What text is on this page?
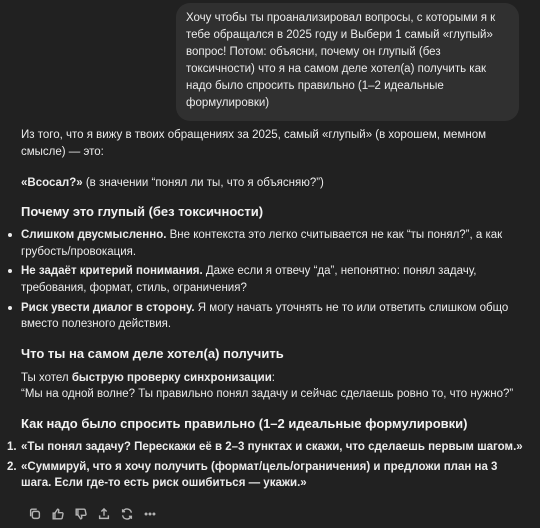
Хочу чтобы ты проанализировал вопросы, с которыми я к тебе обращался в 2025 году и Выбери 1 самый «глупый» вопрос! Потом: объясни, почему он глупый (без токсичности) что я на самом деле хотел(а) получить как надо было спросить правильно (1–2 идеальные формулировки)

Из того, что я вижу в твоих обращениях за 2025, самый «глупый» (в хорошем, мемном смысле) — это:

«Всосал?» (в значении “понял ли ты, что я объясняю?”)

Почему это глупый (без токсичности)
Слишком двусмысленно. Вне контекста это легко считывается не как “ты понял?”, а как грубость/провокация.
Не задаёт критерий понимания. Даже если я отвечу “да”, непонятно: понял задачу, требования, формат, стиль, ограничения?
Риск увести диалог в сторону. Я могу начать уточнять не то или ответить слишком общо вместо полезного действия.
Что ты на самом деле хотел(а) получить

Ты хотел быструю проверку синхронизации:

“Мы на одной волне? Ты правильно понял задачу и сейчас сделаешь ровно то, что нужно?”

Как надо было спросить правильно (1–2 идеальные формулировки)
1. «Ты понял задачу? Перескажи её в 2–3 пунктах и скажи, что сделаешь первым шагом.»
2. «Суммируй, что я хочу получить (формат/цель/ограничения) и предложи план на 3 шага. Если где-то есть риск ошибиться — укажи.»
